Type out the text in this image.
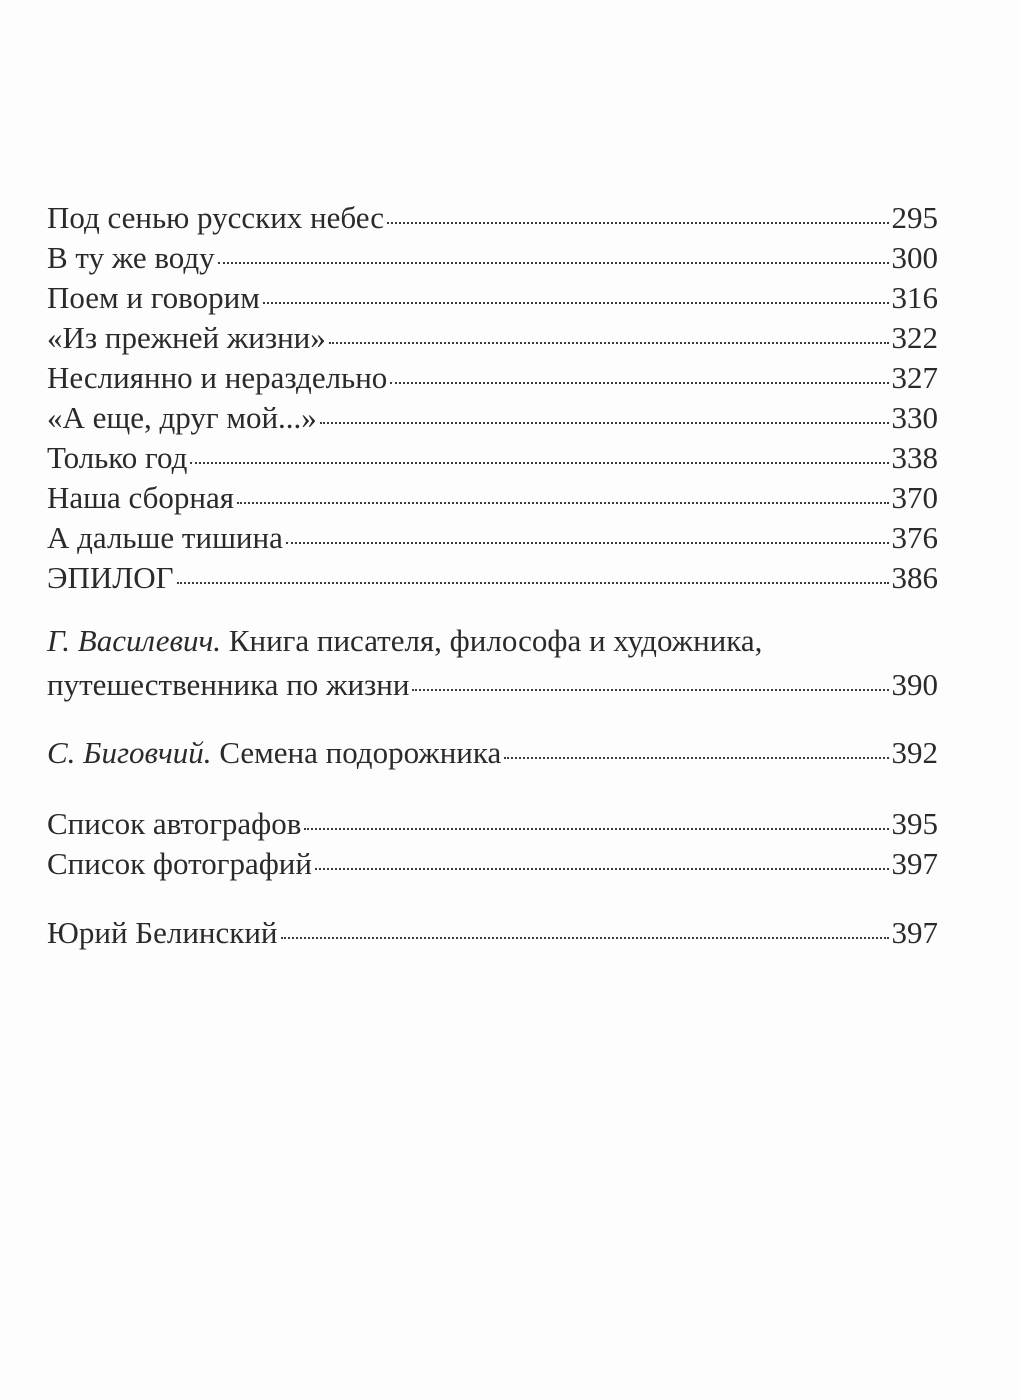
Под сенью русских небес	295
В ту же воду	300
Поем и говорим	316
«Из прежней жизни»	322
Неслиянно и нераздельно	327
«А еще, друг мой...»	330
Только год	338
Наша сборная	370
А дальше тишина	376
ЭПИЛОГ	386
Г. Василевич. Книга писателя, философа и художника,
путешественника по жизни	390
С. Биговчий. Семена подорожника	392
Список автографов	395
Список фотографий	397
Юрий Белинский	397
